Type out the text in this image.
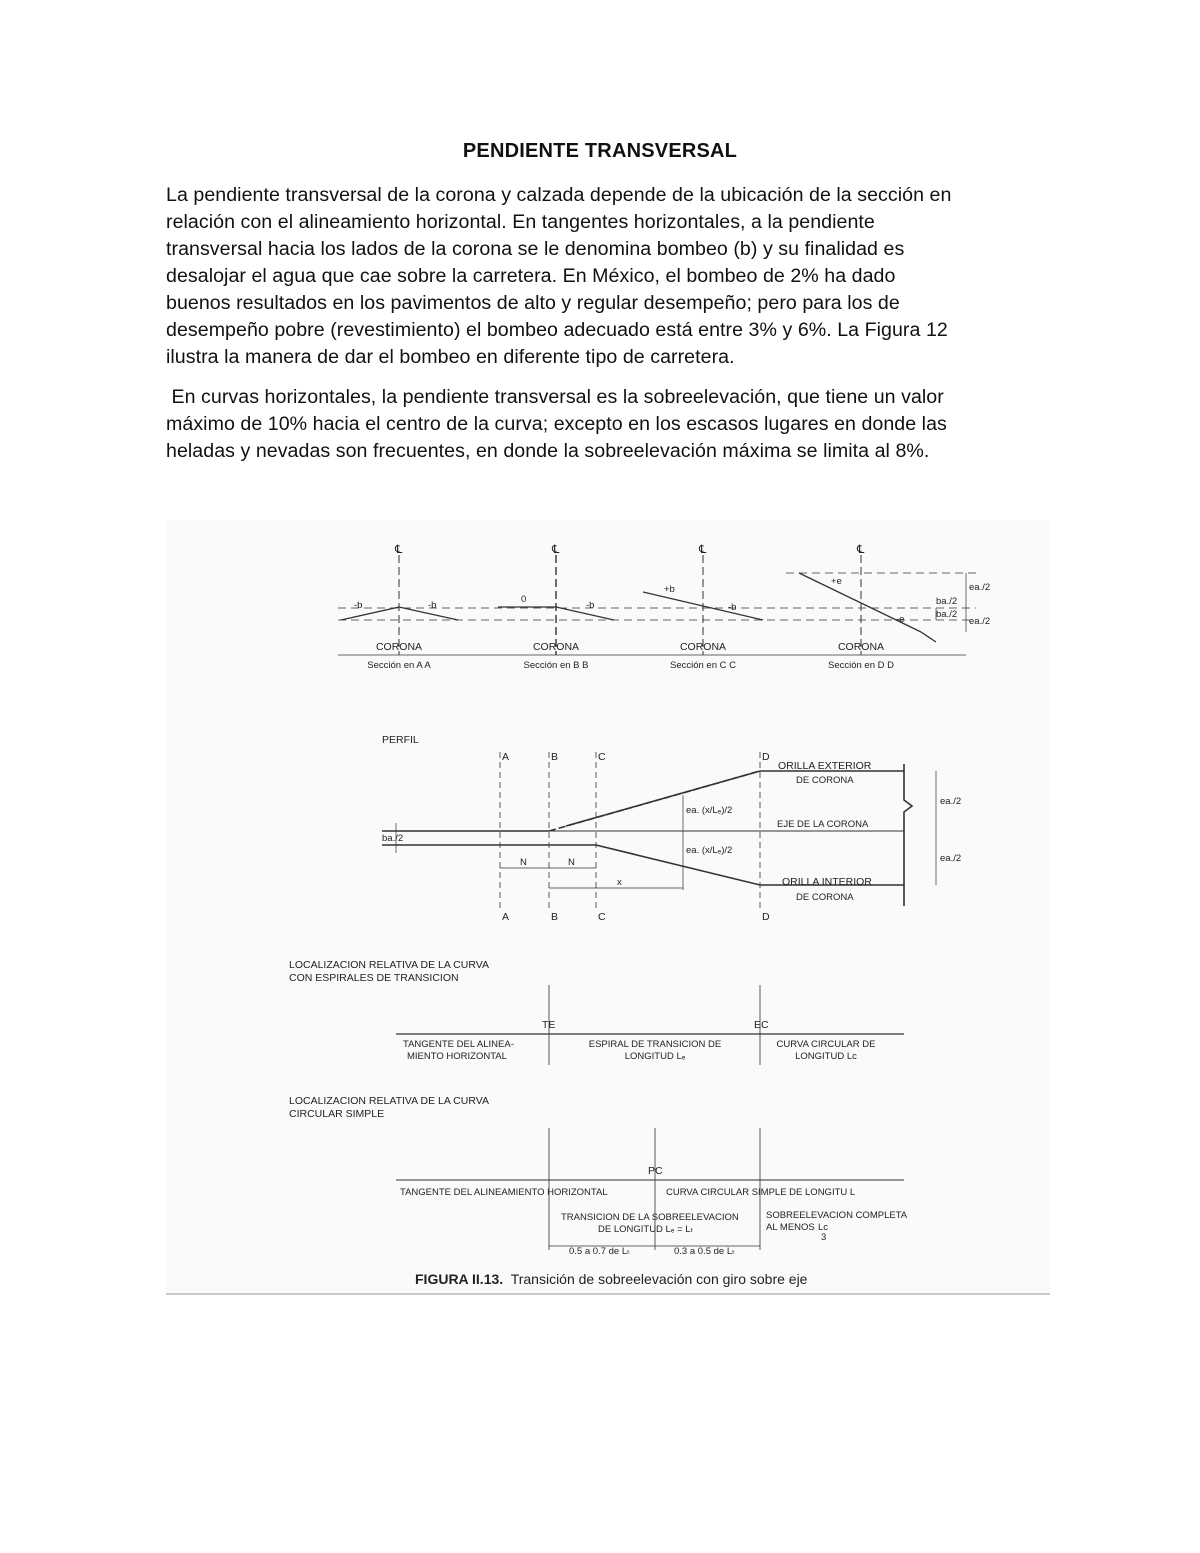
PENDIENTE TRANSVERSAL

La pendiente transversal de la corona y calzada depende de la ubicación de la sección en
relación con el alineamiento horizontal. En tangentes horizontales, a la pendiente
transversal hacia los lados de la corona se le denomina bombeo (b) y su finalidad es
desalojar el agua que cae sobre la carretera. En México, el bombeo de 2% ha dado
buenos resultados en los pavimentos de alto y regular desempeño; pero para los de
desempeño pobre (revestimiento) el bombeo adecuado está entre 3% y 6%. La Figura 12
ilustra la manera de dar el bombeo en diferente tipo de carretera.

En curvas horizontales, la pendiente transversal es la sobreelevación, que tiene un valor
máximo de 10% hacia el centro de la curva; excepto en los escasos lugares en donde las
heladas y nevadas son frecuentes, en donde la sobreelevación máxima se limita al 8%.

℄	℄	℄	℄
-b	-b
0
-b
+b
-b
+e
-e
ea./2
ba./2
ba./2
ea./2
CORONA
Sección en A A
CORONA
Sección en B B
CORONA
Sección en C C
CORONA
Sección en D D
PERFIL
A	B	C	D
A	B	C	D
ORILLA EXTERIOR
DE CORONA
EJE DE LA CORONA
ORILLA INTERIOR
DE CORONA
ea. (x/Lₑ)/2
ea. (x/Lₑ)/2
ba./2
N	N
x
ea./2
ea./2
LOCALIZACION RELATIVA DE LA CURVA
CON ESPIRALES DE TRANSICION
TE	EC
TANGENTE DEL ALINEA-
MIENTO HORIZONTAL
ESPIRAL DE TRANSICION DE
LONGITUD Lₑ
CURVA CIRCULAR DE
LONGITUD Lc
LOCALIZACION RELATIVA DE LA CURVA
CIRCULAR SIMPLE
PC
TANGENTE DEL ALINEAMIENTO HORIZONTAL	CURVA CIRCULAR SIMPLE DE LONGITU L
TRANSICION DE LA SOBREELEVACION
DE LONGITUD Lₑ = Lₜ
SOBREELEVACION COMPLETA
AL MENOS Lc
3
0.5 a 0.7 de Lₜ	0.3 a 0.5 de Lₜ
FIGURA II.13.  Transición de sobreelevación con giro sobre eje
